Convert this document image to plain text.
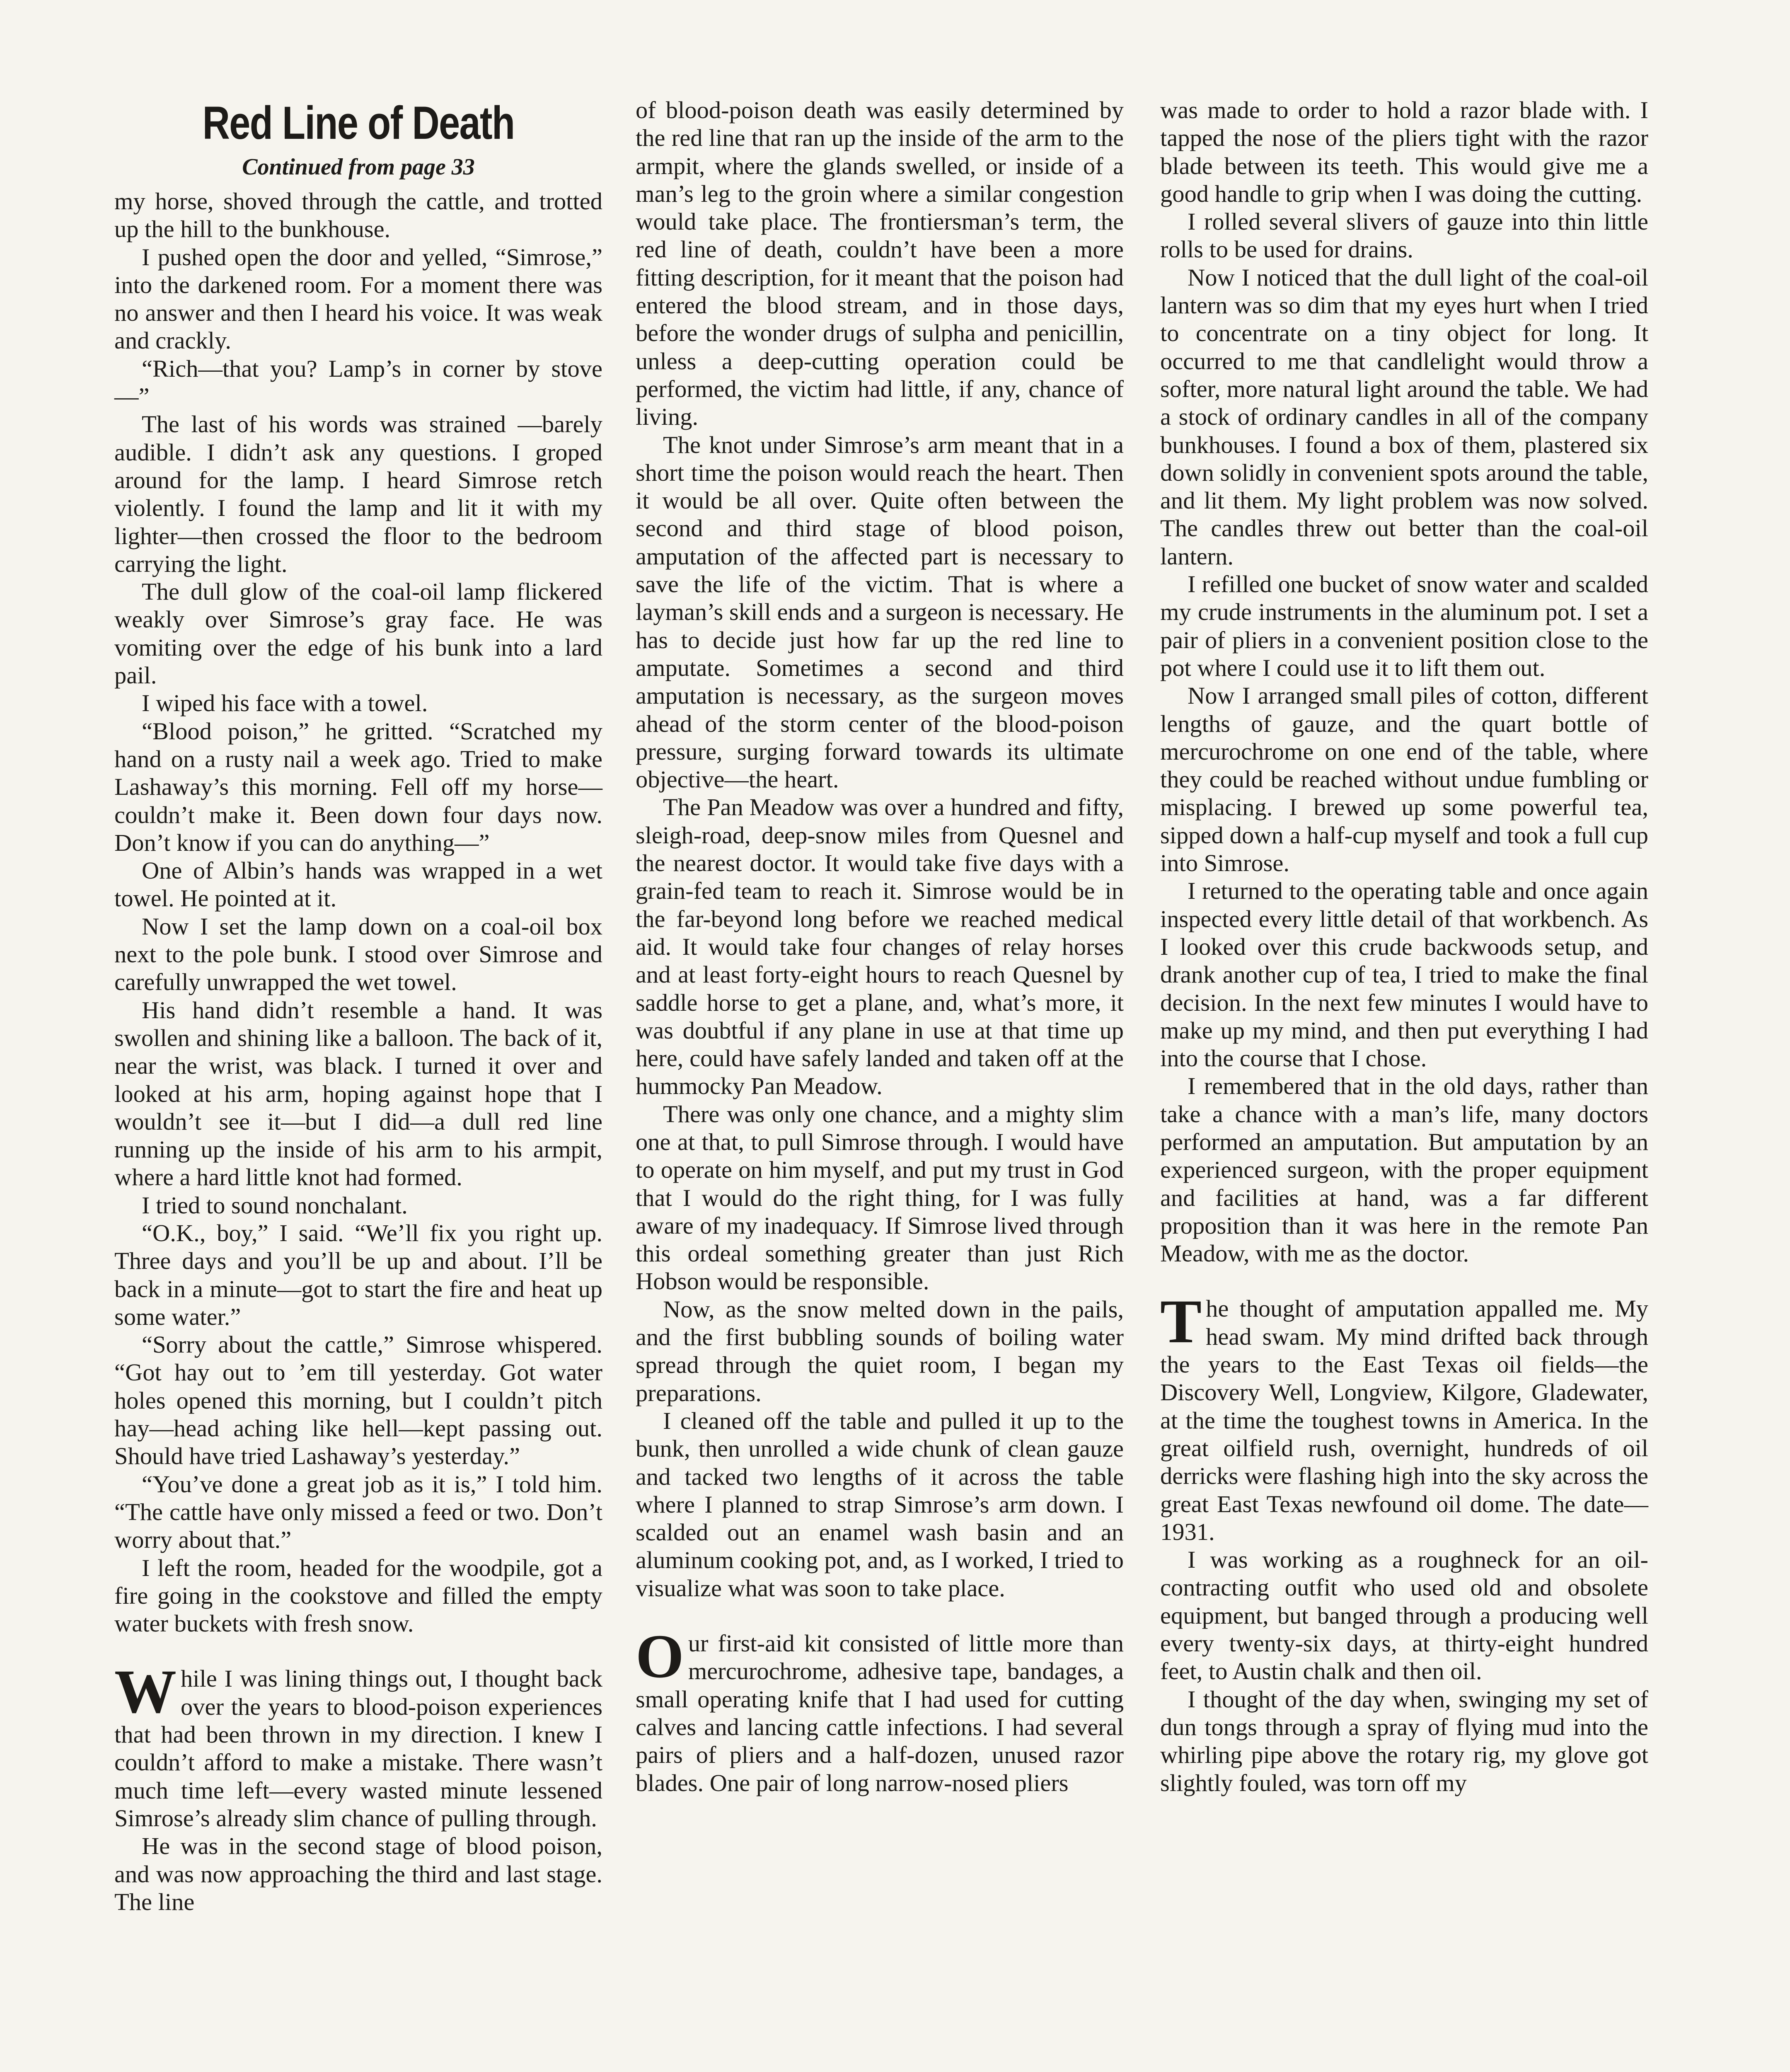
Red Line of Death
Continued from page 33

my horse, shoved through the cattle, and trotted up the hill to the bunkhouse.

I pushed open the door and yelled, “Simrose,” into the darkened room. For a moment there was no answer and then I heard his voice. It was weak and crackly.

“Rich—that you? Lamp’s in corner by stove—”

The last of his words was strained —barely audible. I didn’t ask any questions. I groped around for the lamp. I heard Simrose retch violently. I found the lamp and lit it with my lighter—then crossed the floor to the bedroom carrying the light.

The dull glow of the coal-oil lamp flickered weakly over Simrose’s gray face. He was vomiting over the edge of his bunk into a lard pail.

I wiped his face with a towel.

“Blood poison,” he gritted. “Scratched my hand on a rusty nail a week ago. Tried to make Lashaway’s this morning. Fell off my horse—couldn’t make it. Been down four days now. Don’t know if you can do anything—”

One of Albin’s hands was wrapped in a wet towel. He pointed at it.

Now I set the lamp down on a coal-oil box next to the pole bunk. I stood over Simrose and carefully unwrapped the wet towel.

His hand didn’t resemble a hand. It was swollen and shining like a balloon. The back of it, near the wrist, was black. I turned it over and looked at his arm, hoping against hope that I wouldn’t see it—but I did—a dull red line running up the inside of his arm to his armpit, where a hard little knot had formed.

I tried to sound nonchalant.

“O.K., boy,” I said. “We’ll fix you right up. Three days and you’ll be up and about. I’ll be back in a minute—got to start the fire and heat up some water.”

“Sorry about the cattle,” Simrose whispered. “Got hay out to ’em till yesterday. Got water holes opened this morning, but I couldn’t pitch hay—head aching like hell—kept passing out. Should have tried Lashaway’s yesterday.”

“You’ve done a great job as it is,” I told him. “The cattle have only missed a feed or two. Don’t worry about that.”

I left the room, headed for the woodpile, got a fire going in the cookstove and filled the empty water buckets with fresh snow.

While I was lining things out, I thought back over the years to blood-poison experiences that had been thrown in my direction. I knew I couldn’t afford to make a mistake. There wasn’t much time left—every wasted minute lessened Simrose’s already slim chance of pulling through.

He was in the second stage of blood poison, and was now approaching the third and last stage. The line

of blood-poison death was easily determined by the red line that ran up the inside of the arm to the armpit, where the glands swelled, or inside of a man’s leg to the groin where a similar congestion would take place. The frontiersman’s term, the red line of death, couldn’t have been a more fitting description, for it meant that the poison had entered the blood stream, and in those days, before the wonder drugs of sulpha and penicillin, unless a deep-cutting operation could be performed, the victim had little, if any, chance of living.

The knot under Simrose’s arm meant that in a short time the poison would reach the heart. Then it would be all over. Quite often between the second and third stage of blood poison, amputation of the affected part is necessary to save the life of the victim. That is where a layman’s skill ends and a surgeon is necessary. He has to decide just how far up the red line to amputate. Sometimes a second and third amputation is necessary, as the surgeon moves ahead of the storm center of the blood-poison pressure, surging forward towards its ultimate objective—the heart.

The Pan Meadow was over a hundred and fifty, sleigh-road, deep-snow miles from Quesnel and the nearest doctor. It would take five days with a grain-fed team to reach it. Simrose would be in the far-beyond long before we reached medical aid. It would take four changes of relay horses and at least forty-eight hours to reach Quesnel by saddle horse to get a plane, and, what’s more, it was doubtful if any plane in use at that time up here, could have safely landed and taken off at the hummocky Pan Meadow.

There was only one chance, and a mighty slim one at that, to pull Simrose through. I would have to operate on him myself, and put my trust in God that I would do the right thing, for I was fully aware of my inadequacy. If Simrose lived through this ordeal something greater than just Rich Hobson would be responsible.

Now, as the snow melted down in the pails, and the first bubbling sounds of boiling water spread through the quiet room, I began my preparations.

I cleaned off the table and pulled it up to the bunk, then unrolled a wide chunk of clean gauze and tacked two lengths of it across the table where I planned to strap Simrose’s arm down. I scalded out an enamel wash basin and an aluminum cooking pot, and, as I worked, I tried to visualize what was soon to take place.

Our first-aid kit consisted of little more than mercurochrome, adhesive tape, bandages, a small operating knife that I had used for cutting calves and lancing cattle infections. I had several pairs of pliers and a half-dozen, unused razor blades. One pair of long narrow-nosed pliers

was made to order to hold a razor blade with. I tapped the nose of the pliers tight with the razor blade between its teeth. This would give me a good handle to grip when I was doing the cutting.

I rolled several slivers of gauze into thin little rolls to be used for drains.

Now I noticed that the dull light of the coal-oil lantern was so dim that my eyes hurt when I tried to concentrate on a tiny object for long. It occurred to me that candlelight would throw a softer, more natural light around the table. We had a stock of ordinary candles in all of the company bunkhouses. I found a box of them, plastered six down solidly in convenient spots around the table, and lit them. My light problem was now solved. The candles threw out better than the coal-oil lantern.

I refilled one bucket of snow water and scalded my crude instruments in the aluminum pot. I set a pair of pliers in a convenient position close to the pot where I could use it to lift them out.

Now I arranged small piles of cotton, different lengths of gauze, and the quart bottle of mercurochrome on one end of the table, where they could be reached without undue fumbling or misplacing. I brewed up some powerful tea, sipped down a half-cup myself and took a full cup into Simrose.

I returned to the operating table and once again inspected every little detail of that workbench. As I looked over this crude backwoods setup, and drank another cup of tea, I tried to make the final decision. In the next few minutes I would have to make up my mind, and then put everything I had into the course that I chose.

I remembered that in the old days, rather than take a chance with a man’s life, many doctors performed an amputation. But amputation by an experienced surgeon, with the proper equipment and facilities at hand, was a far different proposition than it was here in the remote Pan Meadow, with me as the doctor.

The thought of amputation appalled me. My head swam. My mind drifted back through the years to the East Texas oil fields—the Discovery Well, Longview, Kilgore, Gladewater, at the time the toughest towns in America. In the great oilfield rush, overnight, hundreds of oil derricks were flashing high into the sky across the great East Texas newfound oil dome. The date—1931.

I was working as a roughneck for an oil-contracting outfit who used old and obsolete equipment, but banged through a producing well every twenty-six days, at thirty-eight hundred feet, to Austin chalk and then oil.

I thought of the day when, swinging my set of dun tongs through a spray of flying mud into the whirling pipe above the rotary rig, my glove got slightly fouled, was torn off my
